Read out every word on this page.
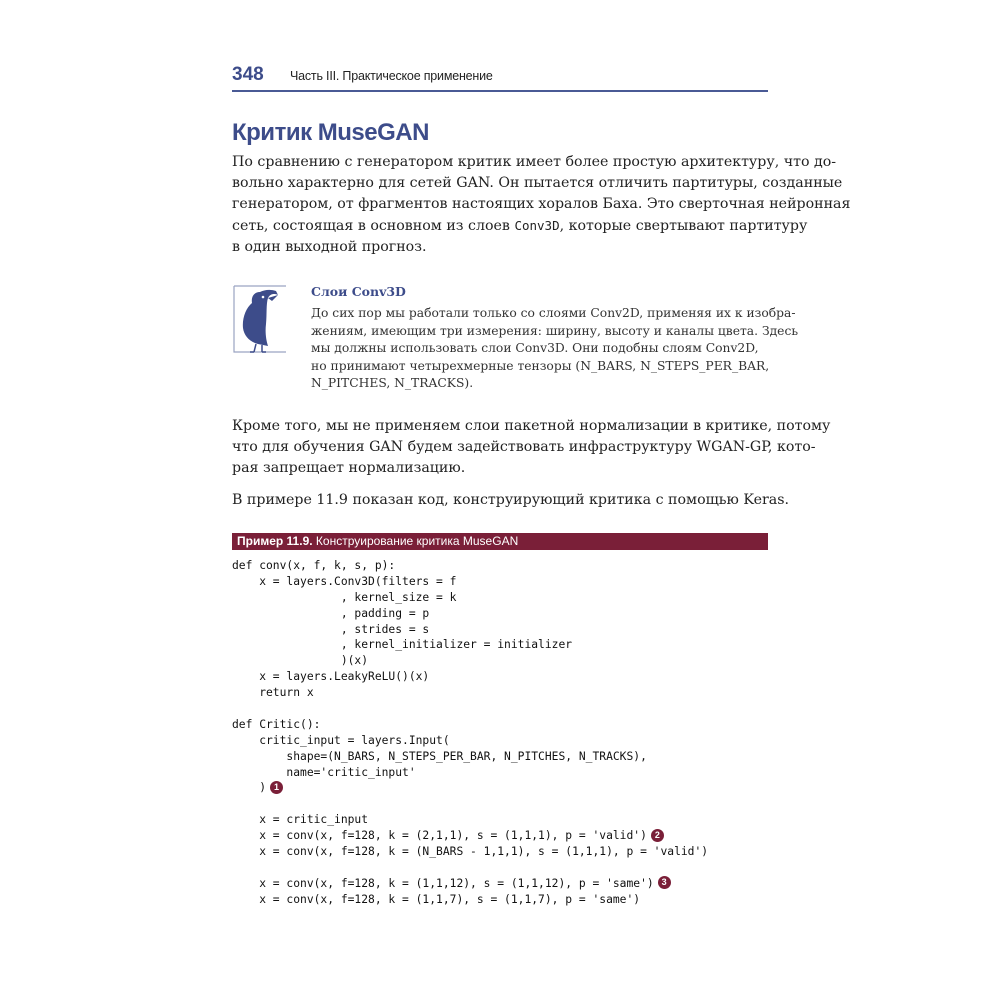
348 Часть III. Практическое применение
Критик MuseGAN

По сравнению с генератором критик имеет более простую архитектуру, что до-
вольно характерно для сетей GAN. Он пытается отличить партитуры, созданные
генератором, от фрагментов настоящих хоралов Баха. Это сверточная нейронная
сеть, состоящая в основном из слоев Conv3D, которые свертывают партитуру
в один выходной прогноз.

Слои Conv3D

До сих пор мы работали только со слоями Conv2D, применяя их к изобра-
жениям, имеющим три измерения: ширину, высоту и каналы цвета. Здесь
мы должны использовать слои Conv3D. Они подобны слоям Conv2D,
но принимают четырехмерные тензоры (N_BARS, N_STEPS_PER_BAR,
N_PITCHES, N_TRACKS).

Кроме того, мы не применяем слои пакетной нормализации в критике, потому
что для обучения GAN будем задействовать инфраструктуру WGAN-GP, кото-
рая запрещает нормализацию.

В примере 11.9 показан код, конструирующий критика с помощью Keras.

Пример 11.9. Конструирование критика MuseGAN
def conv(x, f, k, s, p):
x = layers.Conv3D(filters = f
, kernel_size = k
, padding = p
, strides = s
, kernel_initializer = initializer
)(x)
x = layers.LeakyReLU()(x)
return x
def Critic():
critic_input = layers.Input(
shape=(N_BARS, N_STEPS_PER_BAR, N_PITCHES, N_TRACKS),
name='critic_input'
) 1
x = critic_input
x = conv(x, f=128, k = (2,1,1), s = (1,1,1), p = 'valid') 2
x = conv(x, f=128, k = (N_BARS - 1,1,1), s = (1,1,1), p = 'valid')
x = conv(x, f=128, k = (1,1,12), s = (1,1,12), p = 'same') 3
x = conv(x, f=128, k = (1,1,7), s = (1,1,7), p = 'same')
